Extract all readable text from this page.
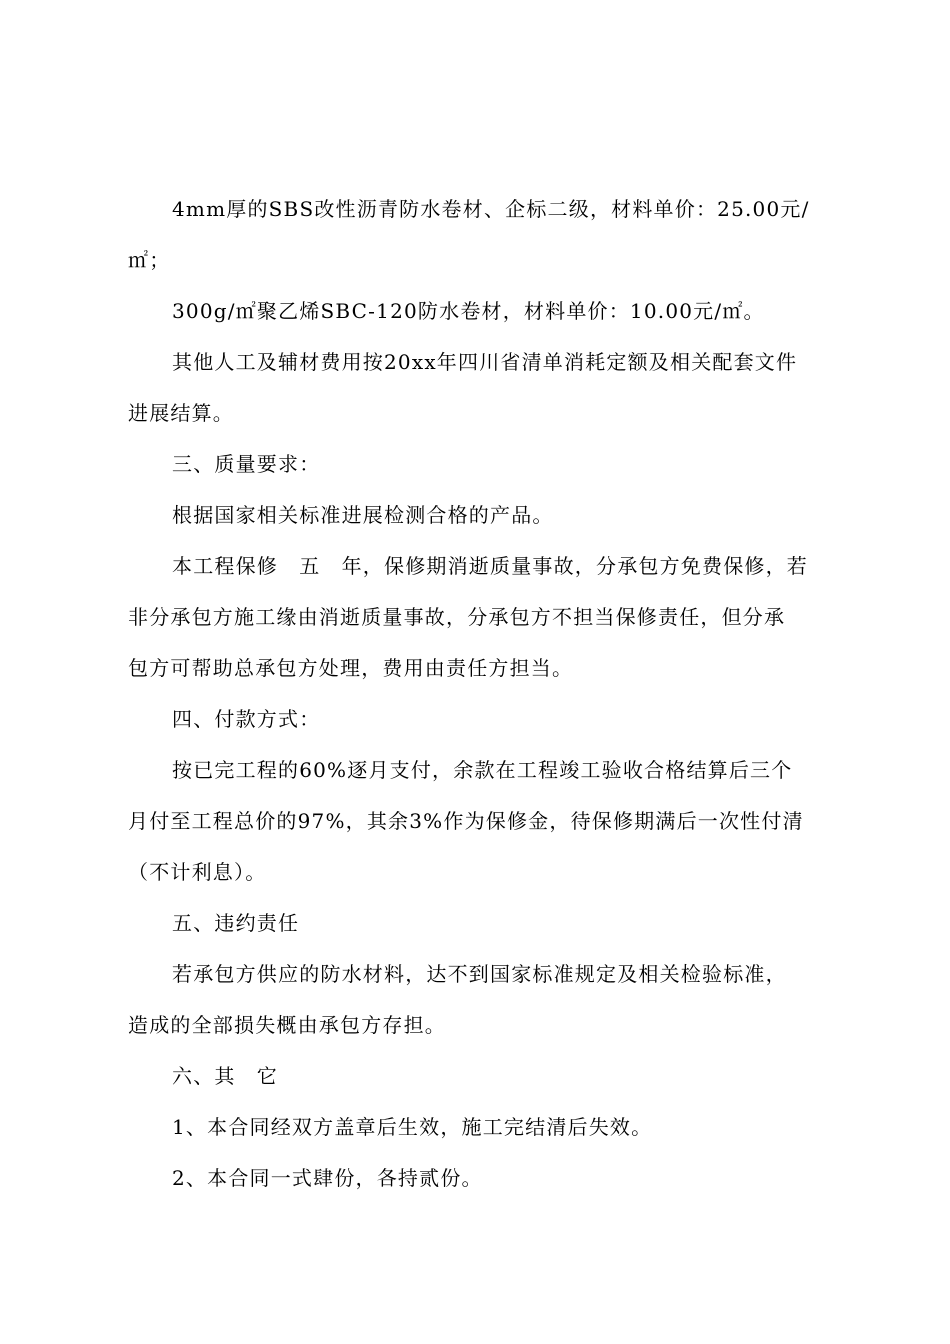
4mm厚的SBS改性沥青防水卷材、企标二级，材料单价：25.00元/
㎡；
300g/㎡聚乙烯SBC-120防水卷材，材料单价：10.00元/㎡。
其他人工及辅材费用按20xx年四川省清单消耗定额及相关配套文件
进展结算。
三、质量要求：
根据国家相关标准进展检测合格的产品。
本工程保修　五　年，保修期消逝质量事故，分承包方免费保修，若
非分承包方施工缘由消逝质量事故，分承包方不担当保修责任，但分承
包方可帮助总承包方处理，费用由责任方担当。
四、付款方式：
按已完工程的60%逐月支付，余款在工程竣工验收合格结算后三个
月付至工程总价的97%，其余3%作为保修金，待保修期满后一次性付清
（不计利息）。
五、违约责任
若承包方供应的防水材料，达不到国家标准规定及相关检验标准，
造成的全部损失概由承包方存担。
六、其　它
1、本合同经双方盖章后生效，施工完结清后失效。
2、本合同一式肆份，各持贰份。
